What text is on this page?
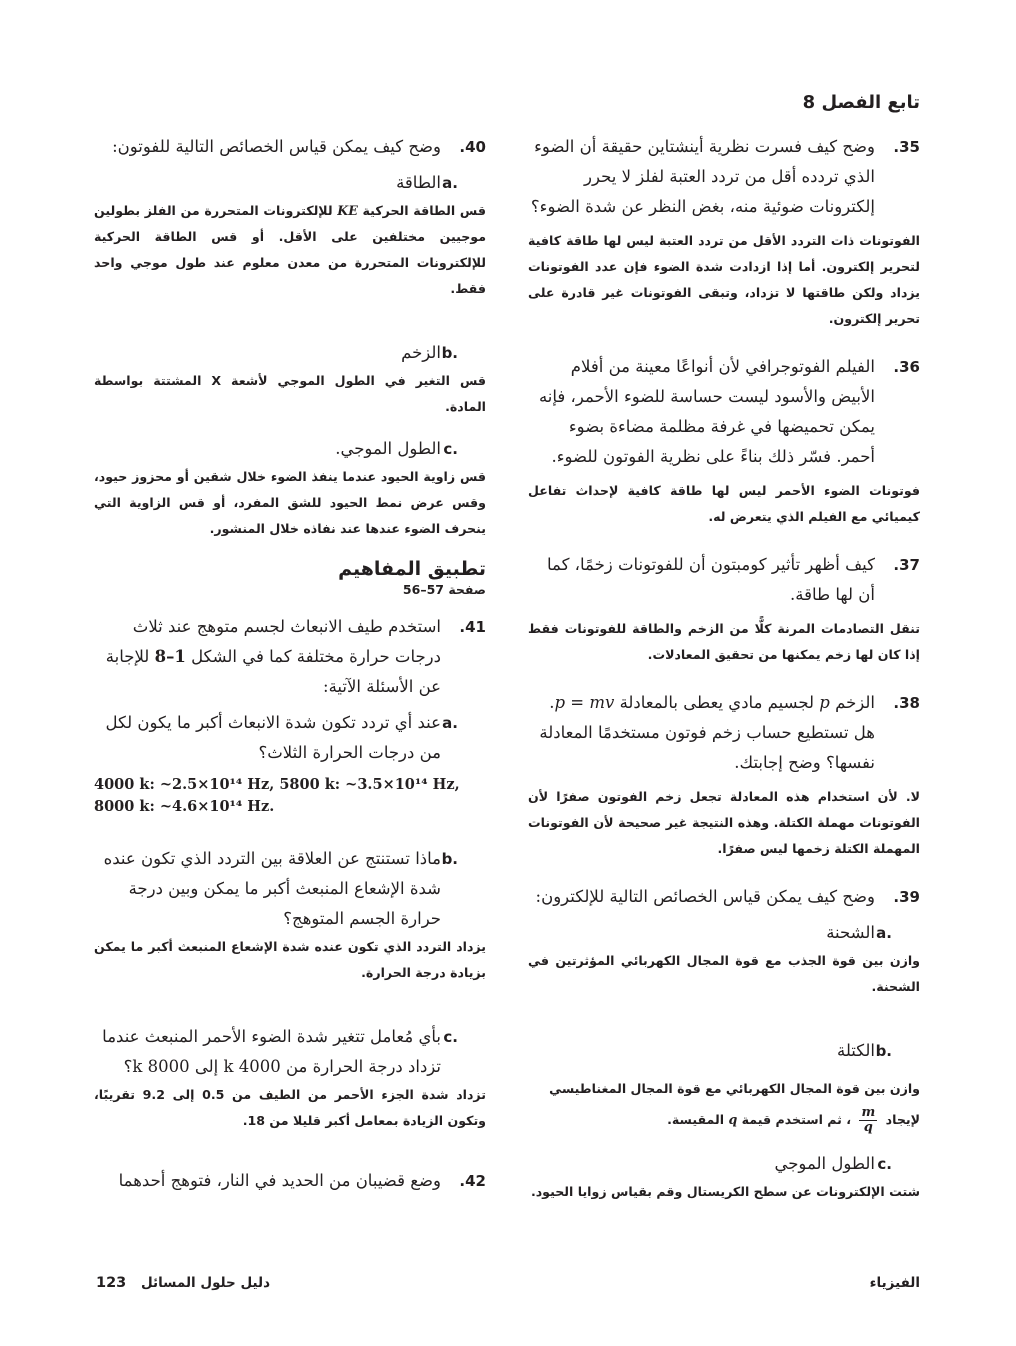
تابع الفصل 8
.35
وضح كيف فسرت نظرية أينشتاين حقيقة أن الضوء الذي تردده أقل من تردد العتبة لفلز لا يحرر إلكترونات ضوئية منه، بغض النظر عن شدة الضوء؟
الفوتونات ذات التردد الأقل من تردد العتبة ليس لها طاقة كافية لتحرير إلكترون. أما إذا ازدادت شدة الضوء فإن عدد الفوتونات يزداد ولكن طاقتها لا تزداد، وتبقى الفوتونات غير قادرة على تحرير إلكترون.
.36
الفيلم الفوتوجرافي لأن أنواعًا معينة من أفلام الأبيض والأسود ليست حساسة للضوء الأحمر، فإنه يمكن تحميضها في غرفة مظلمة مضاءة بضوء أحمر. فسّر ذلك بناءً على نظرية الفوتون للضوء.
فوتونات الضوء الأحمر ليس لها طاقة كافية لإحداث تفاعل كيميائي مع الفيلم الذي يتعرض له.
.37
كيف أظهر تأثير كومبتون أن للفوتونات زخمًا، كما أن لها طاقة.
تنقل التصادمات المرنة كلًّا من الزخم والطاقة للفوتونات فقط إذا كان لها زخم يمكنها من تحقيق المعادلات.
.38
الزخم p لجسيم مادي يعطى بالمعادلة p = mv. هل تستطيع حساب زخم فوتون مستخدمًا المعادلة نفسها؟ وضح إجابتك.
لا. لأن استخدام هذه المعادلة تجعل زخم الفوتون صفرًا لأن الفوتونات مهملة الكتلة. وهذه النتيجة غير صحيحة لأن الفوتونات المهملة الكتلة زخمها ليس صفرًا.
.39
وضح كيف يمكن قياس الخصائص التالية للإلكترون:
a.
الشحنة
وازن بين قوة الجذب مع قوة المجال الكهربائي المؤثرتين في الشحنة.
b.
الكتلة
وازن بين قوة المجال الكهربائي مع قوة المجال المغناطيسي
لإيجاد
$\frac{m}{q}$
، ثم استخدم قيمة q المقيسة.
c.
الطول الموجي
شتت الإلكترونات عن سطح الكريستال وقم بقياس زوايا الحيود.
.40
وضح كيف يمكن قياس الخصائص التالية للفوتون:
a.
الطاقة
قس الطاقة الحركية KE للإلكترونات المتحررة من الفلز بطولين موجيين مختلفين على الأقل. أو قس الطاقة الحركية للإلكترونات المتحررة من معدن معلوم عند طول موجي واحد فقط.
b.
الزخم
قس التغير في الطول الموجي لأشعة X المشتتة بواسطة المادة.
c.
الطول الموجي.
قس زاوية الحيود عندما ينفذ الضوء خلال شقين أو محزوز حيود، وقس عرض نمط الحيود للشق المفرد، أو قس الزاوية التي ينحرف الضوء عندها عند نفاذه خلال المنشور.
تطبيق المفاهيم
صفحة 57–56
.41
استخدم طيف الانبعاث لجسم متوهج عند ثلاث درجات حرارة مختلفة كما في الشكل 8–1 للإجابة عن الأسئلة الآتية:
a.
عند أي تردد تكون شدة الانبعاث أكبر ما يكون لكل من درجات الحرارة الثلاث؟
4000 k: ~2.5×10¹⁴ Hz, 5800 k: ~3.5×10¹⁴ Hz,
8000 k: ~4.6×10¹⁴ Hz.
b.
ماذا تستنتج عن العلاقة بين التردد الذي تكون عنده شدة الإشعاع المنبعث أكبر ما يمكن وبين درجة حرارة الجسم المتوهج؟
يزداد التردد الذي تكون عنده شدة الإشعاع المنبعث أكبر ما يمكن بزيادة درجة الحرارة.
c.
بأي مُعامل تتغير شدة الضوء الأحمر المنبعث عندما تزداد درجة الحرارة من 4000 k إلى 8000 k؟
تزداد شدة الجزء الأحمر من الطيف من 0.5 إلى 9.2 تقريبًا، وتكون الزيادة بمعامل أكبر قليلا من 18.
.42
وضع قضيبان من الحديد في النار، فتوهج أحدهما
دليل حلول المسائل 123	الفيزياء
